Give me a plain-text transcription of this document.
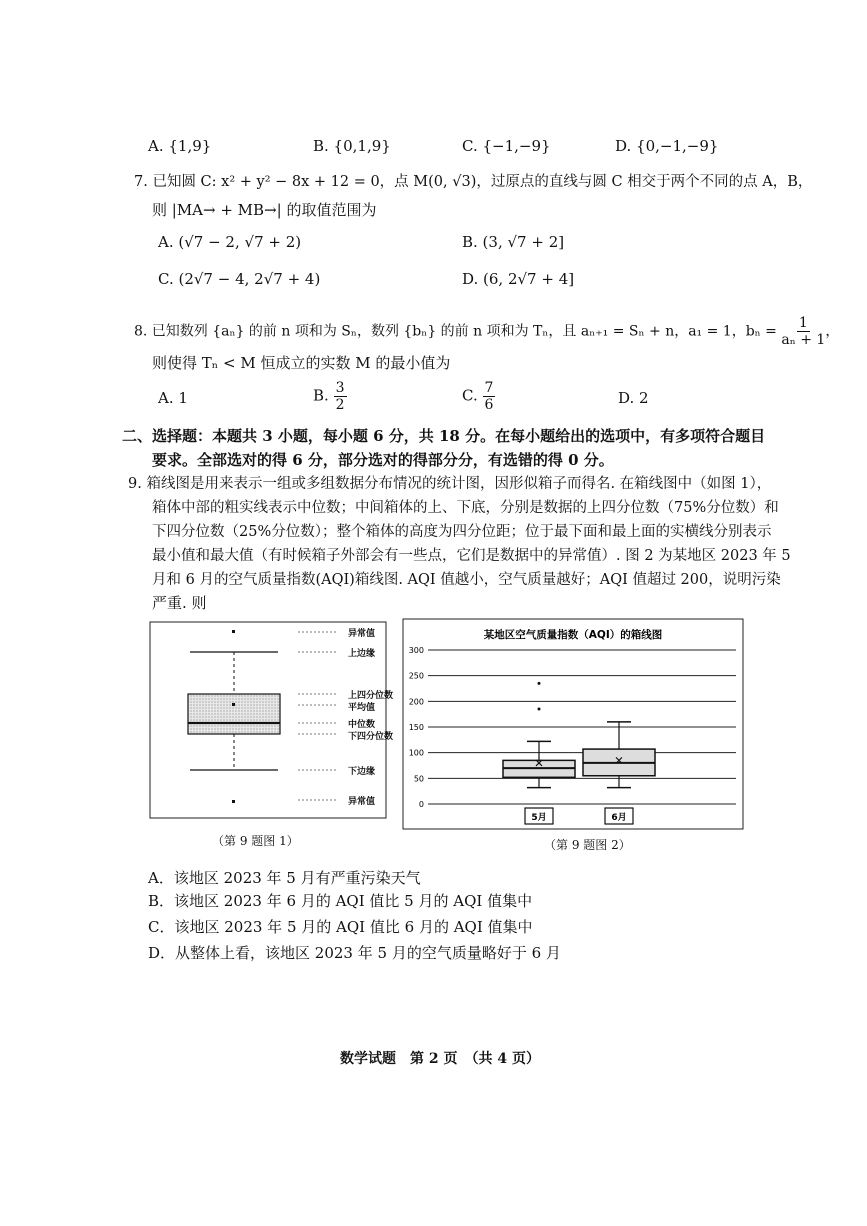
A. {1,9}	B. {0,1,9}	C. {−1,−9}	D. {0,−1,−9}
7. 已知圆 C: x² + y² − 8x + 12 = 0，点 M(0, √3)，过原点的直线与圆 C 相交于两个不同的点 A，B，
则 |MA→ + MB→| 的取值范围为
A. (√7 − 2, √7 + 2)	B. (3, √7 + 2]
C. (2√7 − 4, 2√7 + 4)	D. (6, 2√7 + 4]
8. 已知数列 {aₙ} 的前 n 项和为 Sₙ，数列 {bₙ} 的前 n 项和为 Tₙ，且 aₙ₊₁ = Sₙ + n，a₁ = 1，$b_n = \frac{1}{\text{aₙ + 1}}$ ，
则使得 Tₙ < M 恒成立的实数 M 的最小值为
A. 1	B. $\frac{3}{2}$	C. $\frac{7}{6}$	D. 2
二、选择题：本题共 3 小题，每小题 6 分，共 18 分。在每小题给出的选项中，有多项符合题目
要求。全部选对的得 6 分，部分选对的得部分分，有选错的得 0 分。
9. 箱线图是用来表示一组或多组数据分布情况的统计图，因形似箱子而得名. 在箱线图中（如图 1），
箱体中部的粗实线表示中位数；中间箱体的上、下底，分别是数据的上四分位数（75%分位数）和
下四分位数（25%分位数）；整个箱体的高度为四分位距；位于最下面和最上面的实横线分别表示
最小值和最大值（有时候箱子外部会有一些点，它们是数据中的异常值）. 图 2 为某地区 2023 年 5
月和 6 月的空气质量指数(AQI)箱线图. AQI 值越小，空气质量越好；AQI 值超过 200，说明污染
严重. 则
异常值
上边缘
上四分位数
平均值
中位数
下四分位数
下边缘
异常值
（第 9 题图 1）
某地区空气质量指数（AQI）的箱线图
0
50
100
150
200
250
300
5月	6月
（第 9 题图 2）
A．该地区 2023 年 5 月有严重污染天气
B．该地区 2023 年 6 月的 AQI 值比 5 月的 AQI 值集中
C．该地区 2023 年 5 月的 AQI 值比 6 月的 AQI 值集中
D．从整体上看，该地区 2023 年 5 月的空气质量略好于 6 月
数学试题　第 2 页　（共 4 页）
